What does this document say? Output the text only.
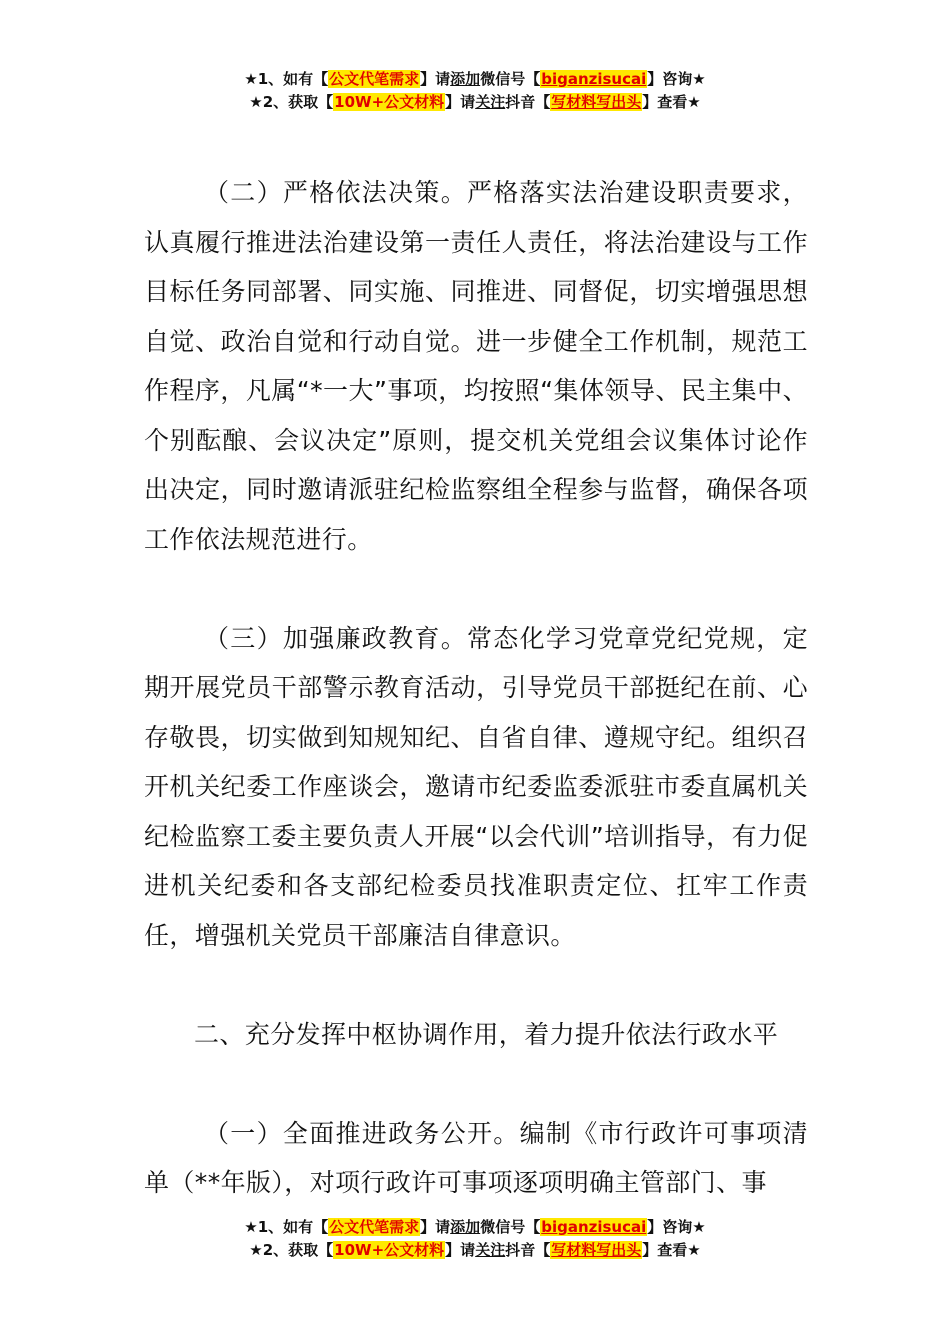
★1、如有【公文代笔需求】请添加微信号【biganzisucai】咨询★
★2、获取【10W+公文材料】请关注抖音【写材料写出头】查看★

（二）严格依法决策。严格落实法治建设职责要求，认真履行推进法治建设第一责任人责任，将法治建设与工作目标任务同部署、同实施、同推进、同督促，切实增强思想自觉、政治自觉和行动自觉。进一步健全工作机制，规范工作程序，凡属“*一大”事项，均按照“集体领导、民主集中、个别酝酿、会议决定”原则，提交机关党组会议集体讨论作出决定，同时邀请派驻纪检监察组全程参与监督，确保各项工作依法规范进行。

（三）加强廉政教育。常态化学习党章党纪党规，定期开展党员干部警示教育活动，引导党员干部挺纪在前、心存敬畏，切实做到知规知纪、自省自律、遵规守纪。组织召开机关纪委工作座谈会，邀请市纪委监委派驻市委直属机关纪检监察工委主要负责人开展“以会代训”培训指导，有力促进机关纪委和各支部纪检委员找准职责定位、扛牢工作责任，增强机关党员干部廉洁自律意识。

二、充分发挥中枢协调作用，着力提升依法行政水平

（一）全面推进政务公开。编制《市行政许可事项清单（**年版），对项行政许可事项逐项明确主管部门、事

★1、如有【公文代笔需求】请添加微信号【biganzisucai】咨询★
★2、获取【10W+公文材料】请关注抖音【写材料写出头】查看★
